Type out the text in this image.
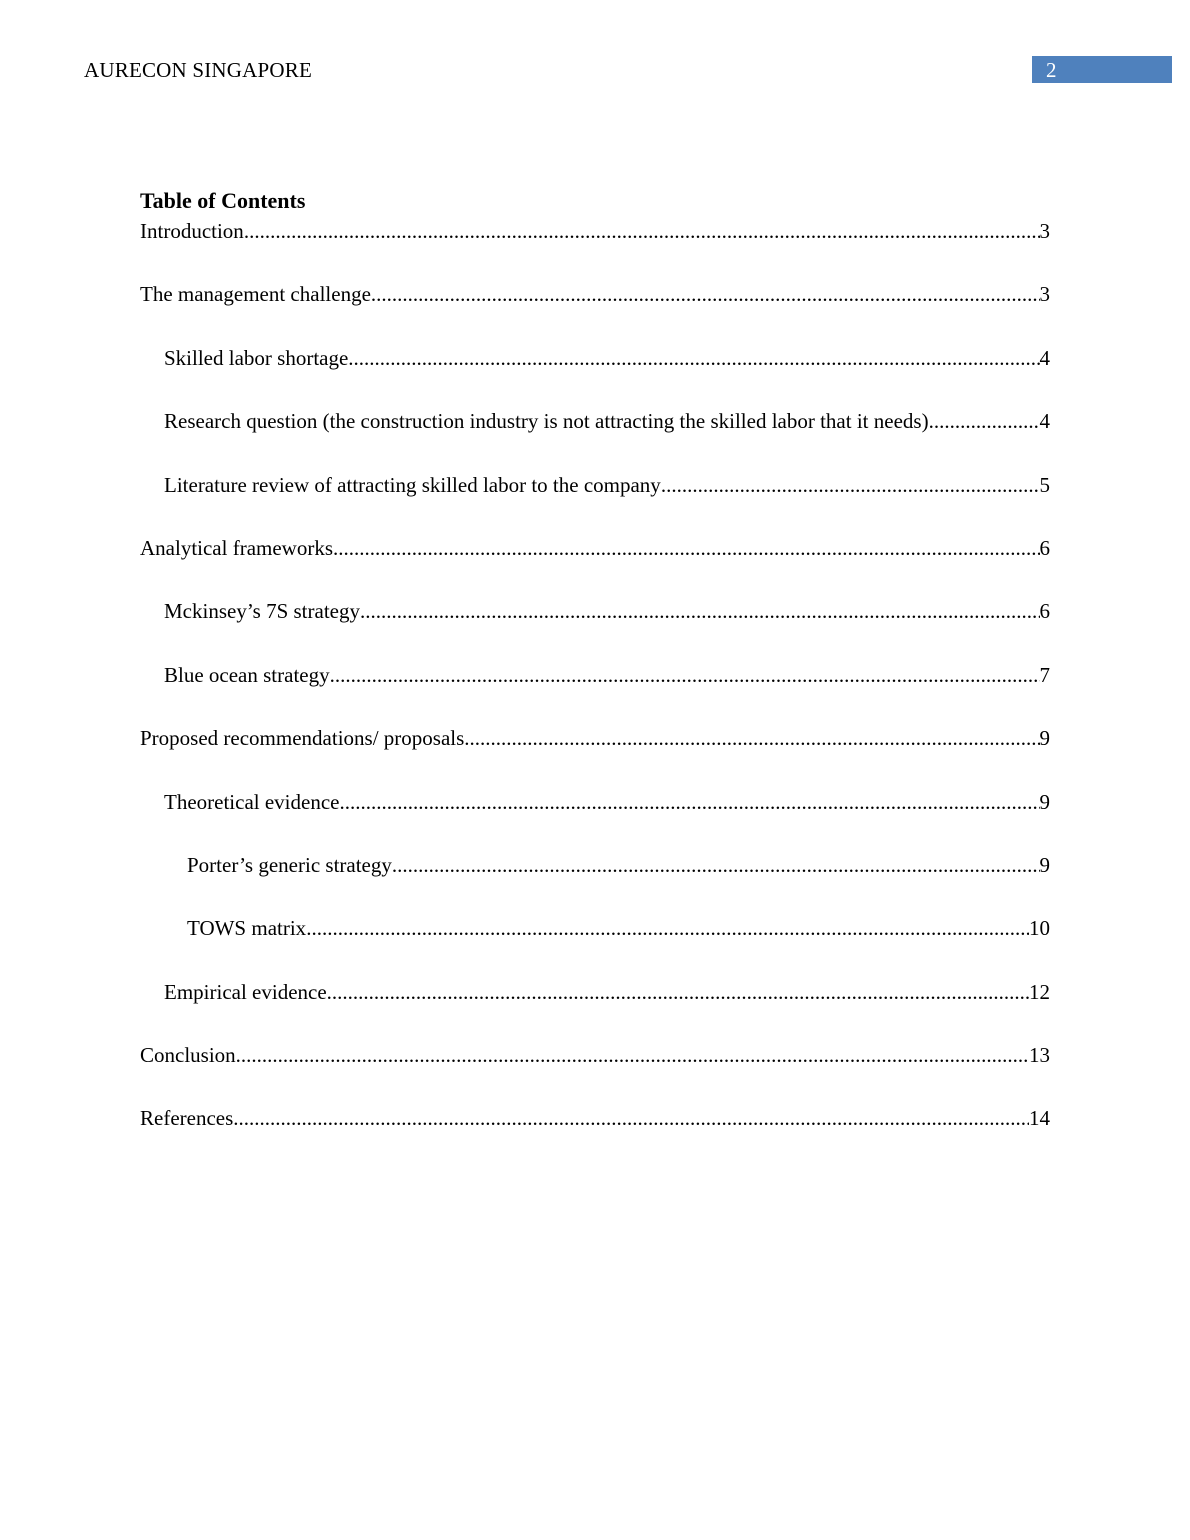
AURECON SINGAPORE	2
Table of Contents
Introduction .....	3
The management challenge .....	3
Skilled labor shortage .....	4
Research question (the construction industry is not attracting the skilled labor that it needs) .....	4
Literature review of attracting skilled labor to the company .....	5
Analytical frameworks .....	6
Mckinsey’s 7S strategy .....	6
Blue ocean strategy .....	7
Proposed recommendations/ proposals .....	9
Theoretical evidence .....	9
Porter’s generic strategy .....	9
TOWS matrix .....	10
Empirical evidence .....	12
Conclusion .....	13
References .....	14
